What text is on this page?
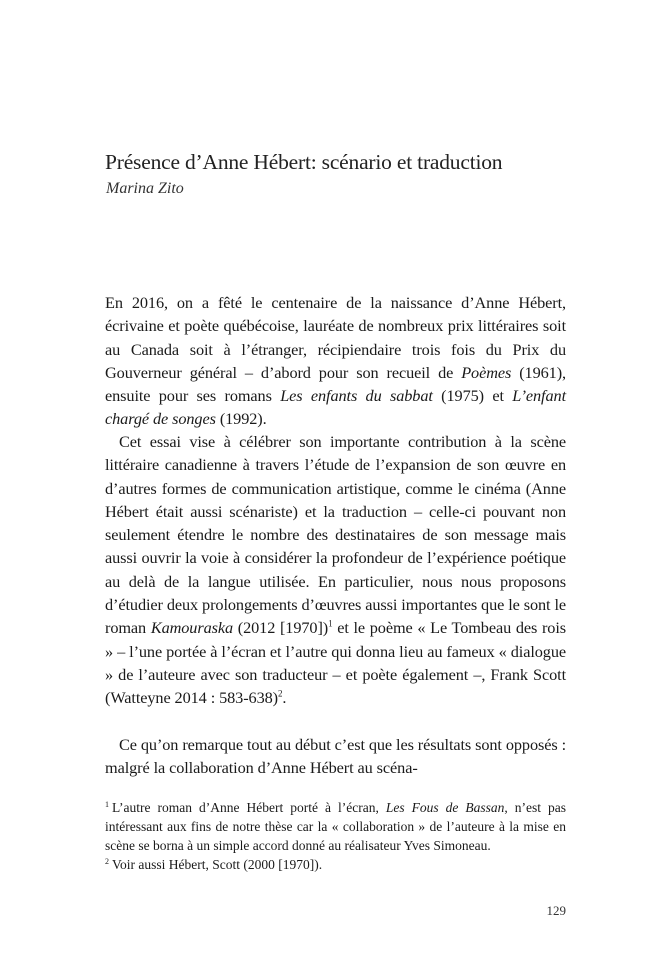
Présence d’Anne Hébert: scénario et traduction
Marina Zito

En 2016, on a fêté le centenaire de la naissance d’Anne Hébert, écrivaine et poète québécoise, lauréate de nombreux prix littéraires soit au Canada soit à l’étranger, récipiendaire trois fois du Prix du Gouverneur général – d’abord pour son recueil de Poèmes (1961), ensuite pour ses romans Les enfants du sabbat (1975) et L’enfant chargé de songes (1992).

Cet essai vise à célébrer son importante contribution à la scène littéraire canadienne à travers l’étude de l’expansion de son œuvre en d’autres formes de communication artistique, comme le cinéma (Anne Hébert était aussi scénariste) et la traduction – celle-ci pouvant non seulement étendre le nombre des destinataires de son message mais aussi ouvrir la voie à considérer la profondeur de l’expérience poétique au delà de la langue utilisée. En particulier, nous nous proposons d’étudier deux prolongements d’œuvres aussi importantes que le sont le roman Kamouraska (2012 [1970])$^1$ et le poème « Le Tombeau des rois » – l’une portée à l’écran et l’autre qui donna lieu au fameux « dialogue » de l’auteure avec son traducteur – et poète également –, Frank Scott (Watteyne 2014 : 583-638)$^2$.

Ce qu’on remarque tout au début c’est que les résultats sont opposés : malgré la collaboration d’Anne Hébert au scéna-

$^1$ L’autre roman d’Anne Hébert porté à l’écran, Les Fous de Bassan, n’est pas intéressant aux fins de notre thèse car la « collaboration » de l’auteure à la mise en scène se borna à un simple accord donné au réalisateur Yves Simoneau.
$^2$ Voir aussi Hébert, Scott (2000 [1970]).
129
